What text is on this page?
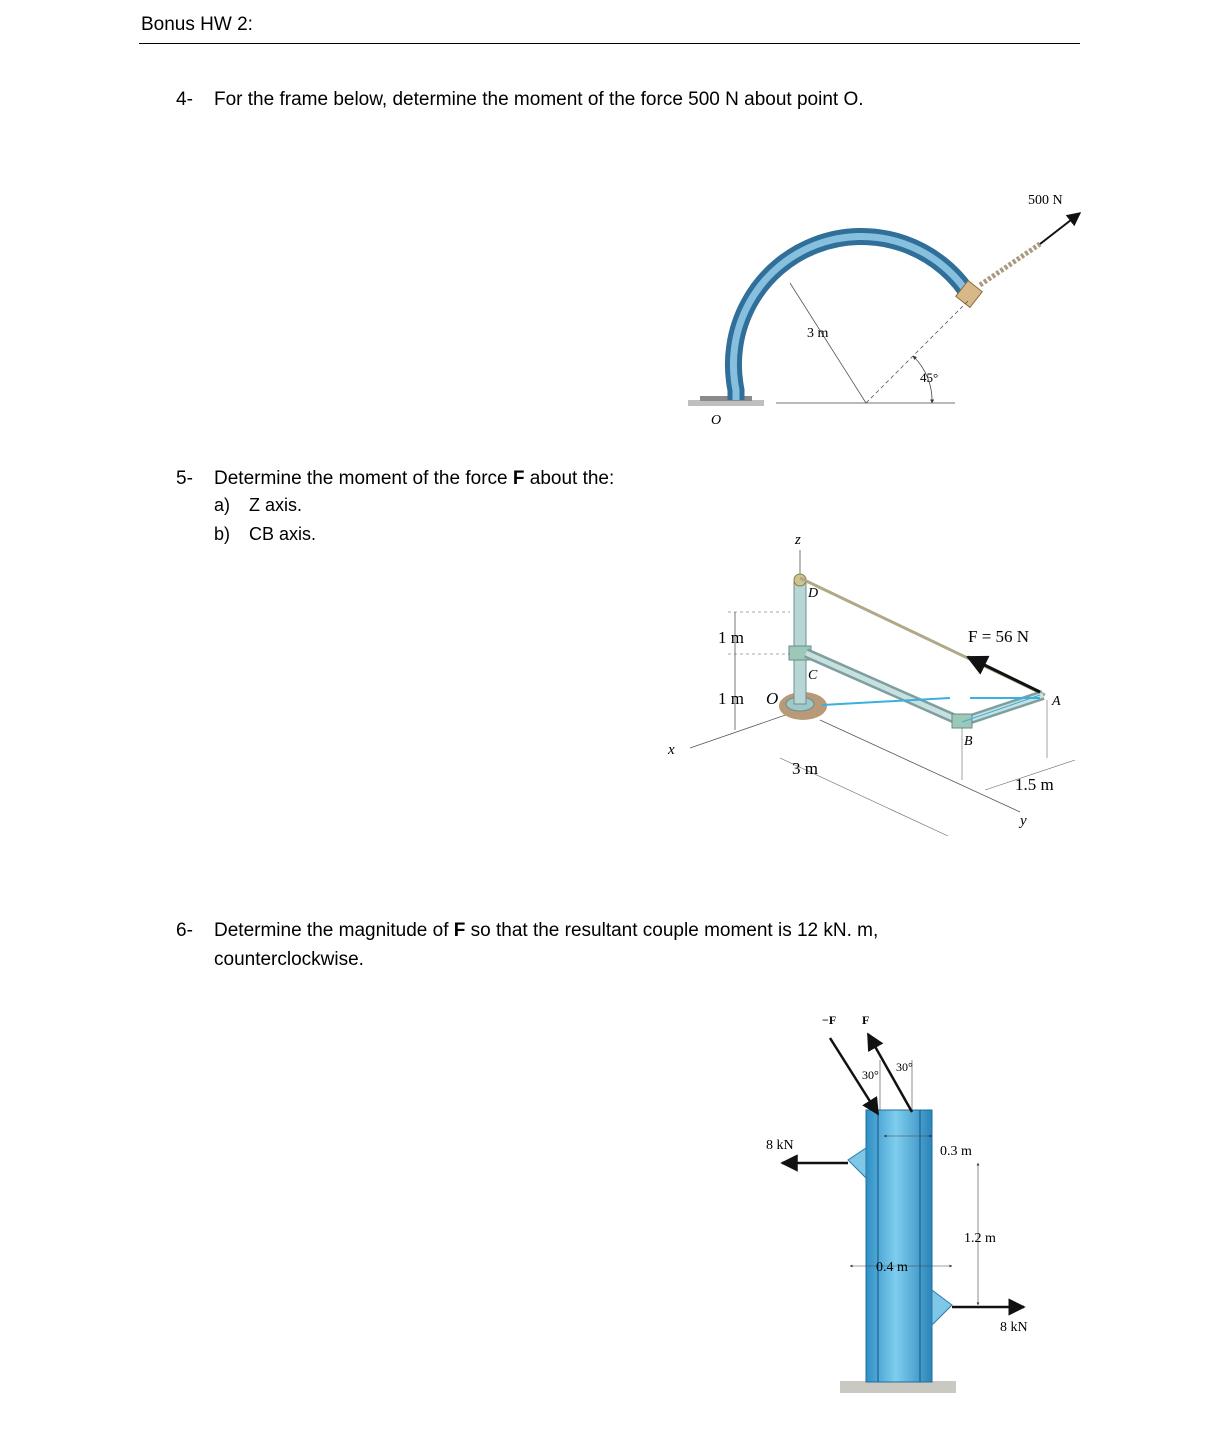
Bonus HW 2:
4- For the frame below, determine the moment of the force 500 N about point O.
5- Determine the moment of the force F about the:
a) Z axis.
b) CB axis.
6- Determine the magnitude of F so that the resultant couple moment is 12 kN. m,
counterclockwise.
500 N
3 m
45°
O
z
x
y
F = 56 N
1 m
1 m O
D
C
B
A
3 m
1.5 m
8 kN
8 kN
−F F
30°
30°
0.3 m
1.2 m
0.4 m
